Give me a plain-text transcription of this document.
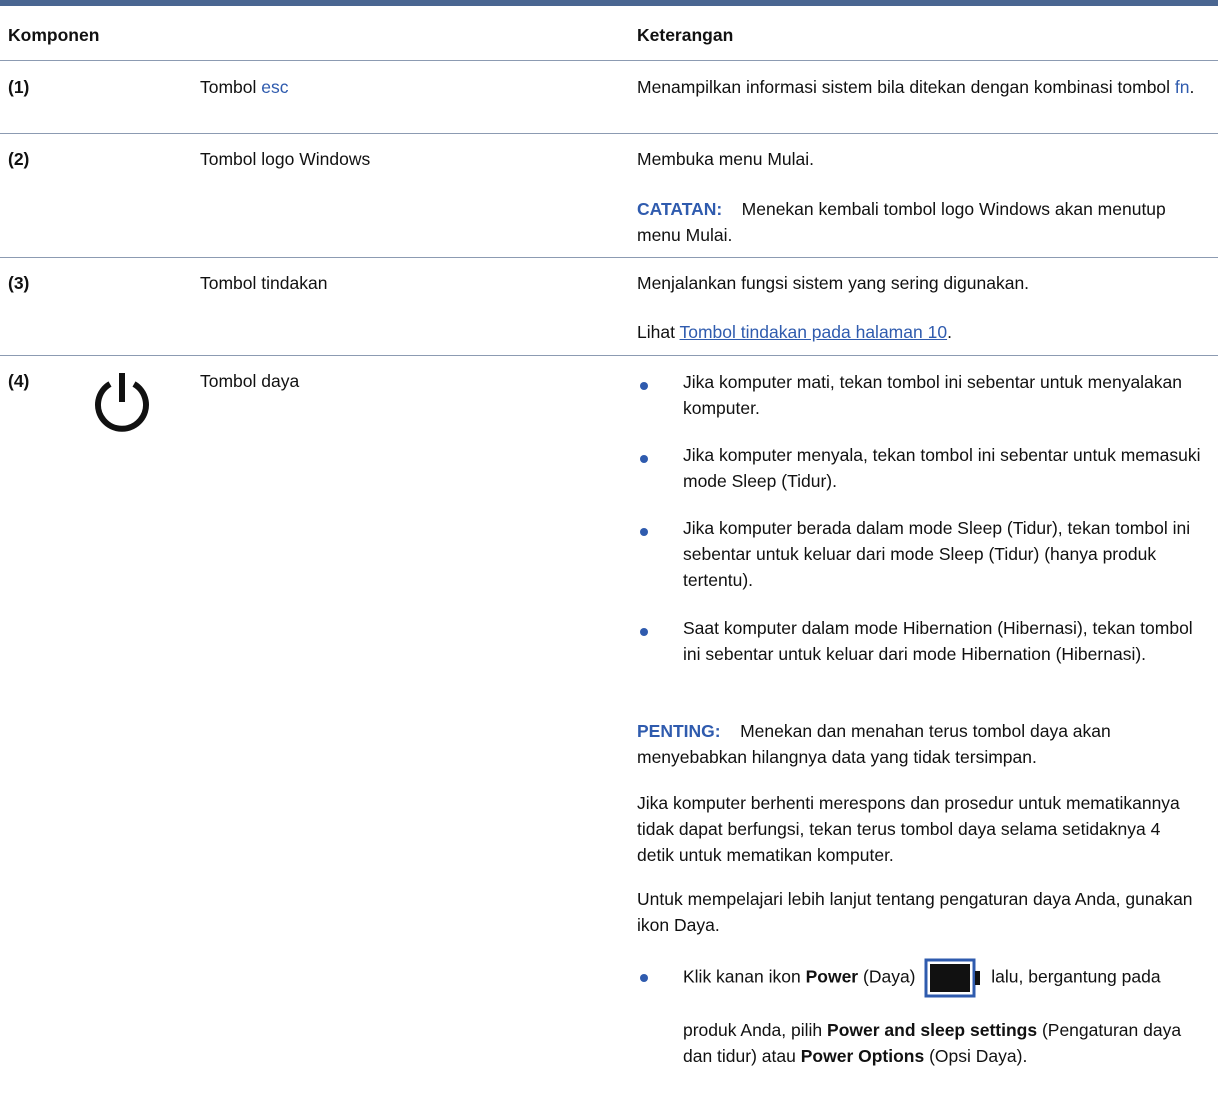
Komponen	Keterangan
(1)	Tombol esc	Menampilkan informasi sistem bila ditekan dengan kombinasi tombol fn.
(2)	Tombol logo Windows	Membuka menu Mulai.
CATATAN: Menekan kembali tombol logo Windows akan menutup menu Mulai.
(3)	Tombol tindakan	Menjalankan fungsi sistem yang sering digunakan.
Lihat Tombol tindakan pada halaman 10.
(4)	Tombol daya	Jika komputer mati, tekan tombol ini sebentar untuk menyalakan komputer.
Jika komputer menyala, tekan tombol ini sebentar untuk memasuki mode Sleep (Tidur).
Jika komputer berada dalam mode Sleep (Tidur), tekan tombol ini sebentar untuk keluar dari mode Sleep (Tidur) (hanya produk tertentu).
Saat komputer dalam mode Hibernation (Hibernasi), tekan tombol ini sebentar untuk keluar dari mode Hibernation (Hibernasi).
PENTING: Menekan dan menahan terus tombol daya akan menyebabkan hilangnya data yang tidak tersimpan.
Jika komputer berhenti merespons dan prosedur untuk mematikannya tidak dapat berfungsi, tekan terus tombol daya selama setidaknya 4 detik untuk mematikan komputer.
Untuk mempelajari lebih lanjut tentang pengaturan daya Anda, gunakan ikon Daya.
Klik kanan ikon Power (Daya)	lalu, bergantung pada
produk Anda, pilih Power and sleep settings (Pengaturan daya dan tidur) atau Power Options (Opsi Daya).
